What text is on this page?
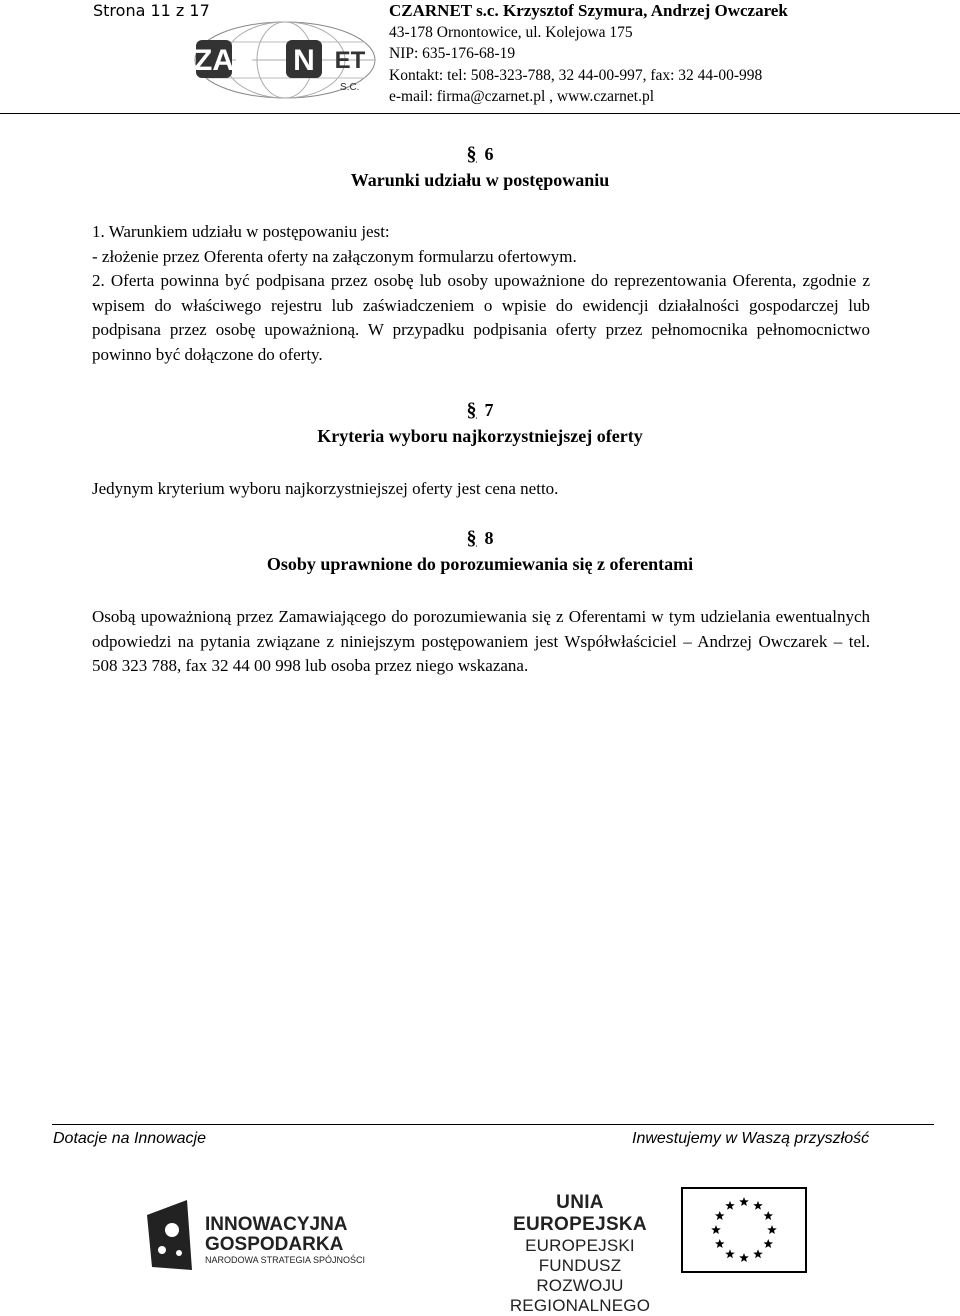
Strona 11 z 17
CZAR N ET
S.C.
CZARNET s.c. Krzysztof Szymura, Andrzej Owczarek
43-178 Ornontowice, ul. Kolejowa 175
NIP: 635-176-68-19
Kontakt: tel: 508-323-788, 32 44-00-997, fax: 32 44-00-998
e-mail: firma@czarnet.pl , www.czarnet.pl
§ 6
Warunki udziału w postępowaniu

1. Warunkiem udziału w postępowaniu jest:

- złożenie przez Oferenta oferty na załączonym formularzu ofertowym.

2. Oferta powinna być podpisana przez osobę lub osoby upoważnione do reprezentowania Oferenta, zgodnie z wpisem do właściwego rejestru lub zaświadczeniem o wpisie do ewidencji działalności gospodarczej lub podpisana przez osobę upoważnioną. W przypadku podpisania oferty przez pełnomocnika pełnomocnictwo powinno być dołączone do oferty.

§ 7
Kryteria wyboru najkorzystniejszej oferty

Jedynym kryterium wyboru najkorzystniejszej oferty jest cena netto.

§ 8
Osoby uprawnione do porozumiewania się z oferentami

Osobą upoważnioną przez Zamawiającego do porozumiewania się z Oferentami w tym udzielania ewentualnych odpowiedzi na pytania związane z niniejszym postępowaniem jest Współwłaściciel – Andrzej Owczarek – tel. 508 323 788, fax 32 44 00 998 lub osoba przez niego wskazana.

Dotacje na Innowacje	Inwestujemy w Waszą przyszłość
INNOWACYJNA
GOSPODARKA
NARODOWA STRATEGIA SPÓJNOŚCI
UNIA EUROPEJSKA
EUROPEJSKI FUNDUSZ
ROZWOJU REGIONALNEGO
